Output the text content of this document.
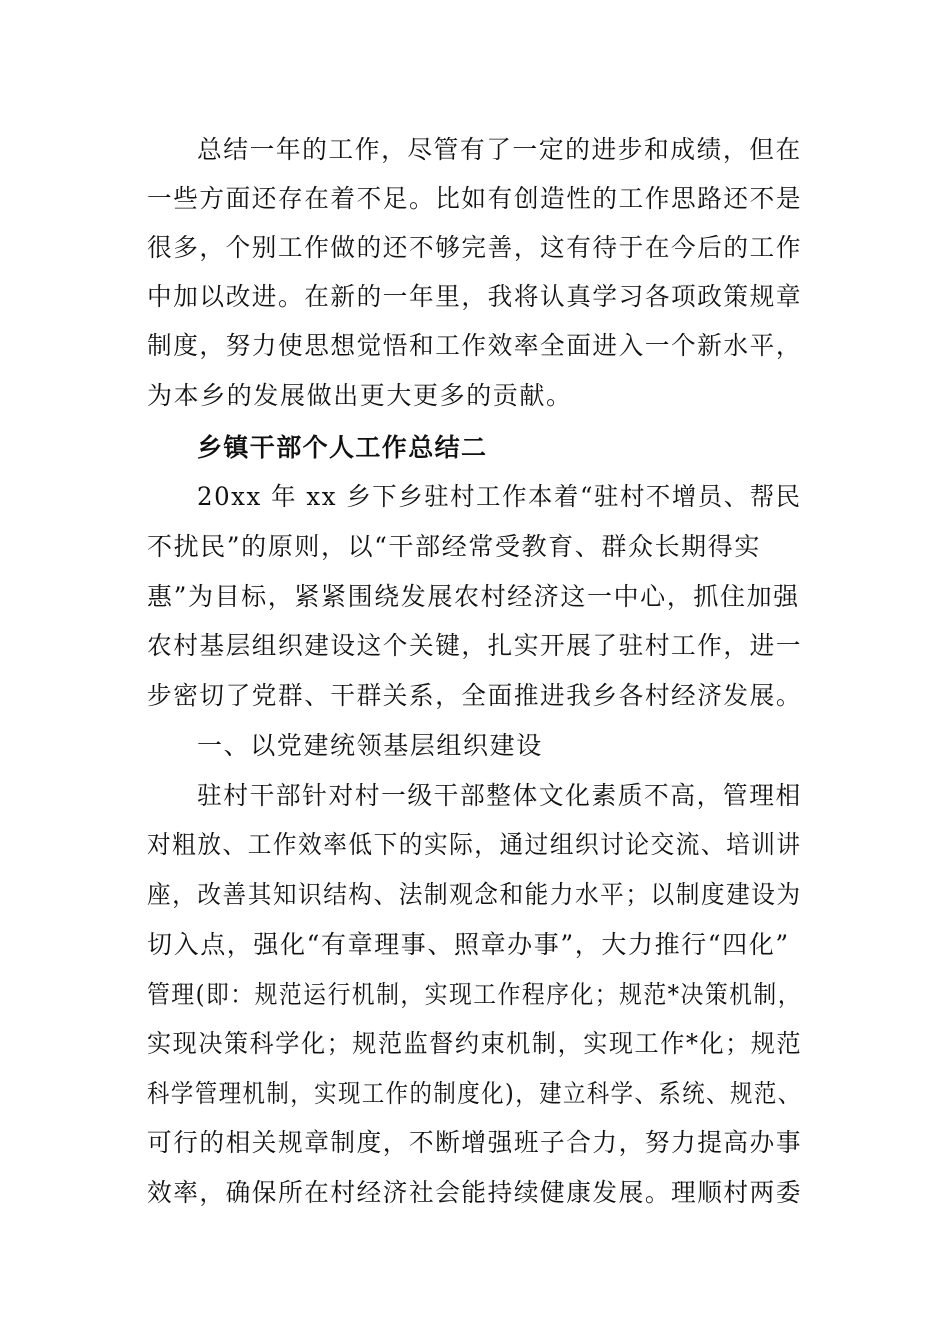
总结一年的工作，尽管有了一定的进步和成绩，但在
一些方面还存在着不足。比如有创造性的工作思路还不是
很多，个别工作做的还不够完善，这有待于在今后的工作
中加以改进。在新的一年里，我将认真学习各项政策规章
制度，努力使思想觉悟和工作效率全面进入一个新水平，
为本乡的发展做出更大更多的贡献。
乡镇干部个人工作总结二
20xx 年 xx 乡下乡驻村工作本着“驻村不增员、帮民
不扰民”的原则，以“干部经常受教育、群众长期得实
惠”为目标，紧紧围绕发展农村经济这一中心，抓住加强
农村基层组织建设这个关键，扎实开展了驻村工作，进一
步密切了党群、干群关系，全面推进我乡各村经济发展。
一、以党建统领基层组织建设
驻村干部针对村一级干部整体文化素质不高，管理相
对粗放、工作效率低下的实际，通过组织讨论交流、培训讲
座，改善其知识结构、法制观念和能力水平；以制度建设为
切入点，强化“有章理事、照章办事”，大力推行“四化”
管理(即：规范运行机制，实现工作程序化；规范*决策机制，
实现决策科学化；规范监督约束机制，实现工作*化；规范
科学管理机制，实现工作的制度化)，建立科学、系统、规范、
可行的相关规章制度，不断增强班子合力，努力提高办事
效率，确保所在村经济社会能持续健康发展。理顺村两委
